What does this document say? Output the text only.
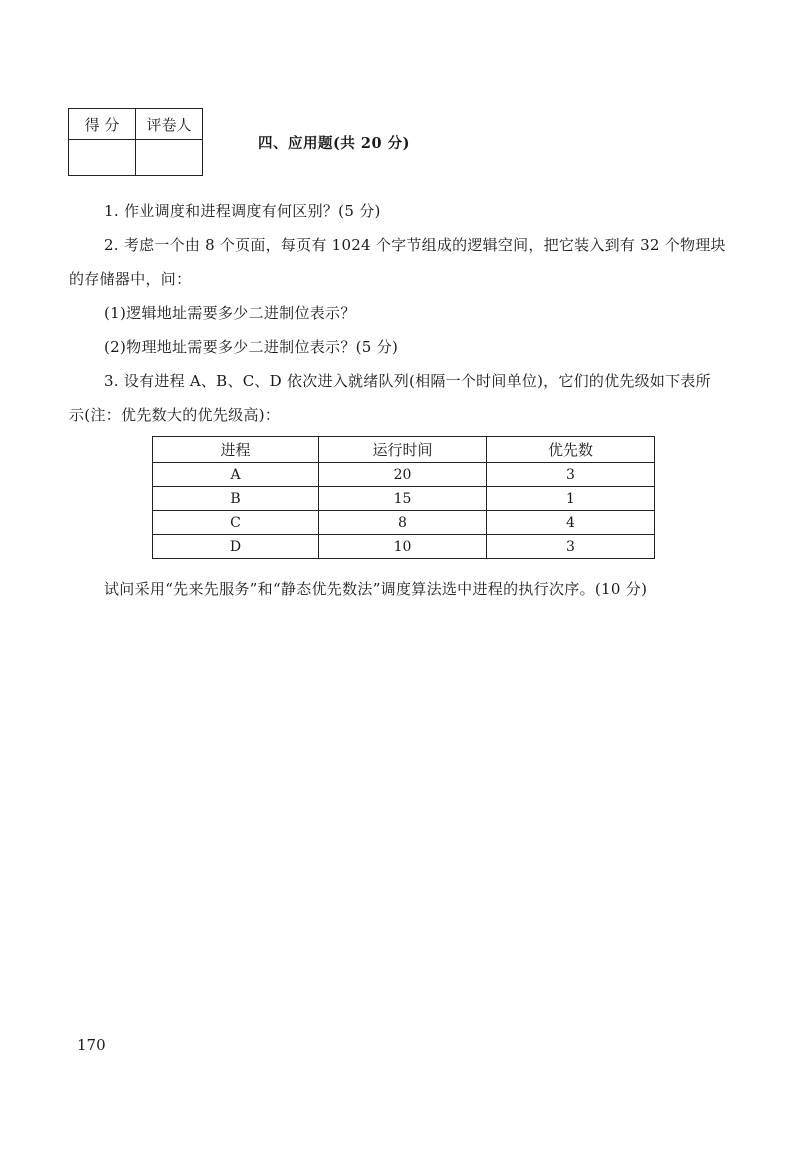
得 分	评卷人

四、应用题(共 20 分)
1. 作业调度和进程调度有何区别？(5 分)
2. 考虑一个由 8 个页面，每页有 1024 个字节组成的逻辑空间，把它装入到有 32 个物理块
的存储器中，问：
(1)逻辑地址需要多少二进制位表示？
(2)物理地址需要多少二进制位表示？(5 分)
3. 设有进程 A、B、C、D 依次进入就绪队列(相隔一个时间单位)，它们的优先级如下表所
示(注：优先数大的优先级高)：
进程	运行时间	优先数
A	20	3
B	15	1
C	8	4
D	10	3
试问采用“先来先服务”和“静态优先数法”调度算法选中进程的执行次序。(10 分)
170
